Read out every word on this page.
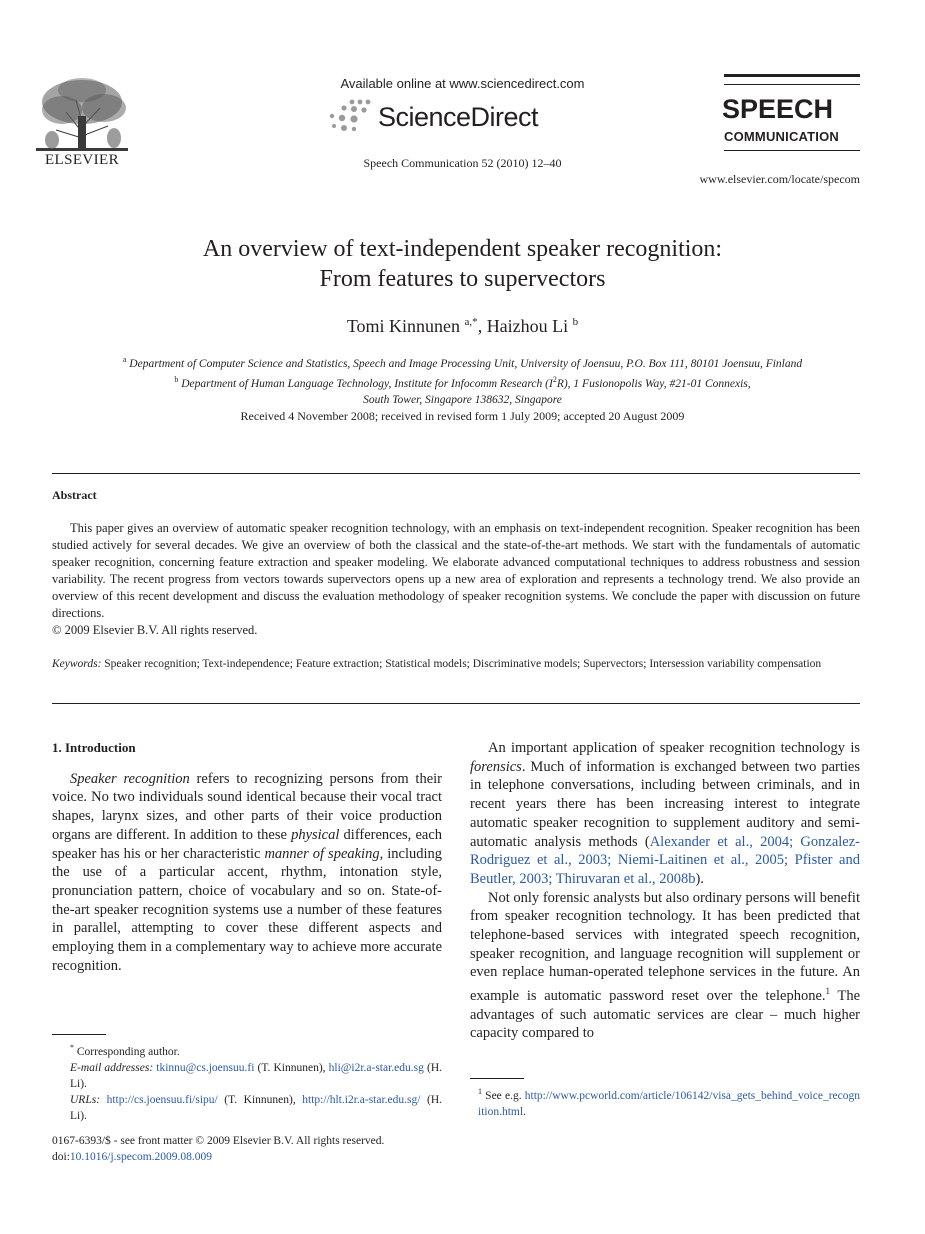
ELSEVIER
Available online at www.sciencedirect.com
ScienceDirect
Speech Communication 52 (2010) 12–40
SPEECH
COMMUNICATION
www.elsevier.com/locate/specom
An overview of text-independent speaker recognition:
From features to supervectors
Tomi Kinnunen $^{a,*}$, Haizhou Li $^b$
$^a$ Department of Computer Science and Statistics, Speech and Image Processing Unit, University of Joensuu, P.O. Box 111, 80101 Joensuu, Finland
$^b$ Department of Human Language Technology, Institute for Infocomm Research $(I^2R)$, 1 Fusionopolis Way, #21-01 Connexis,
South Tower, Singapore 138632, Singapore
Received 4 November 2008; received in revised form 1 July 2009; accepted 20 August 2009
Abstract

This paper gives an overview of automatic speaker recognition technology, with an emphasis on text-independent recognition. Speaker recognition has been studied actively for several decades. We give an overview of both the classical and the state-of-the-art methods. We start with the fundamentals of automatic speaker recognition, concerning feature extraction and speaker modeling. We elaborate advanced computational techniques to address robustness and session variability. The recent progress from vectors towards supervectors opens up a new area of exploration and represents a technology trend. We also provide an overview of this recent development and discuss the evaluation methodology of speaker recognition systems. We conclude the paper with discussion on future directions.

© 2009 Elsevier B.V. All rights reserved.

Keywords: Speaker recognition; Text-independence; Feature extraction; Statistical models; Discriminative models; Supervectors; Intersession variability compensation

1. Introduction

Speaker recognition refers to recognizing persons from their voice. No two individuals sound identical because their vocal tract shapes, larynx sizes, and other parts of their voice production organs are different. In addition to these physical differences, each speaker has his or her characteristic manner of speaking, including the use of a particular accent, rhythm, intonation style, pronunciation pattern, choice of vocabulary and so on. State-of-the-art speaker recognition systems use a number of these features in parallel, attempting to cover these different aspects and employing them in a complementary way to achieve more accurate recognition.

* Corresponding author.
E-mail addresses: tkinnu@cs.joensuu.fi (T. Kinnunen), hli@i2r.a-star.edu.sg (H. Li).
URLs: http://cs.joensuu.fi/sipu/ (T. Kinnunen), http://hlt.i2r.a-star.edu.sg/ (H. Li).
0167-6393/$ - see front matter © 2009 Elsevier B.V. All rights reserved.
doi:10.1016/j.specom.2009.08.009

An important application of speaker recognition technology is forensics. Much of information is exchanged between two parties in telephone conversations, including between criminals, and in recent years there has been increasing interest to integrate automatic speaker recognition to supplement auditory and semi-automatic analysis methods (Alexander et al., 2004; Gonzalez-Rodriguez et al., 2003; Niemi-Laitinen et al., 2005; Pfister and Beutler, 2003; Thiruvaran et al., 2008b).

Not only forensic analysts but also ordinary persons will benefit from speaker recognition technology. It has been predicted that telephone-based services with integrated speech recognition, speaker recognition, and language recognition will supplement or even replace human-operated telephone services in the future. An example is automatic password reset over the telephone.$^1$ The advantages of such automatic services are clear – much higher capacity compared to

$^1$ See e.g. http://www.pcworld.com/article/106142/visa_gets_behind_voice_recognition.html.
